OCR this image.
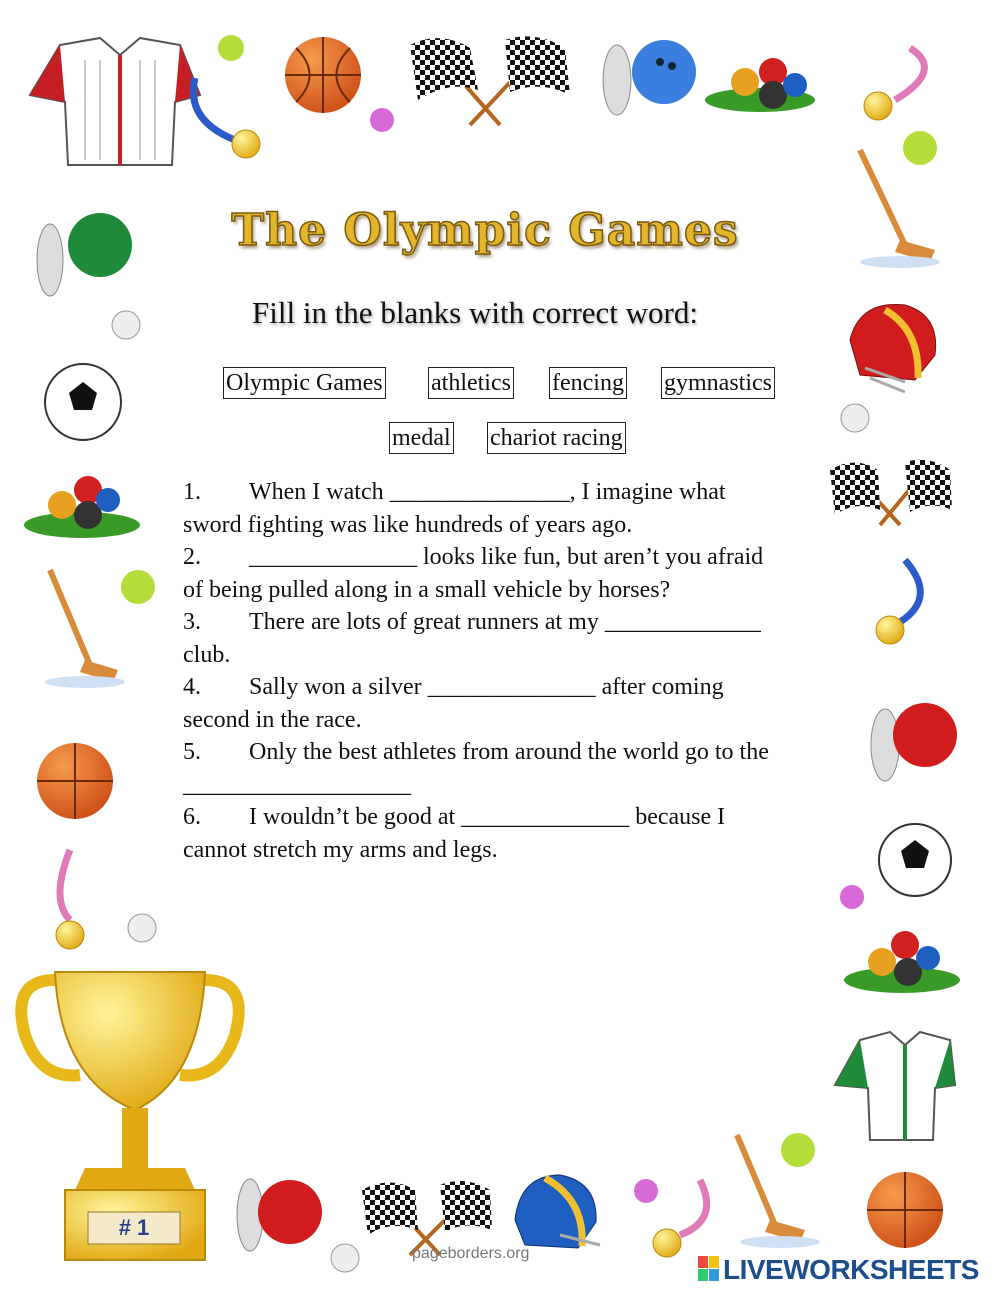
# 1
The Olympic Games
Fill in the blanks with correct word:
Olympic Games athletics fencing gymnastics
medal chariot racing
1. When I watch _______________, I imagine what
sword fighting was like hundreds of years ago.
2. ______________ looks like fun, but aren’t you afraid
of being pulled along in a small vehicle by horses?
3. There are lots of great runners at my _____________
club.
4. Sally won a silver ______________ after coming
second in the race.
5. Only the best athletes from around the world go to the
___________________
6. I wouldn’t be good at ______________ because I
cannot stretch my arms and legs.
pageborders.org
LIVEWORKSHEETS
